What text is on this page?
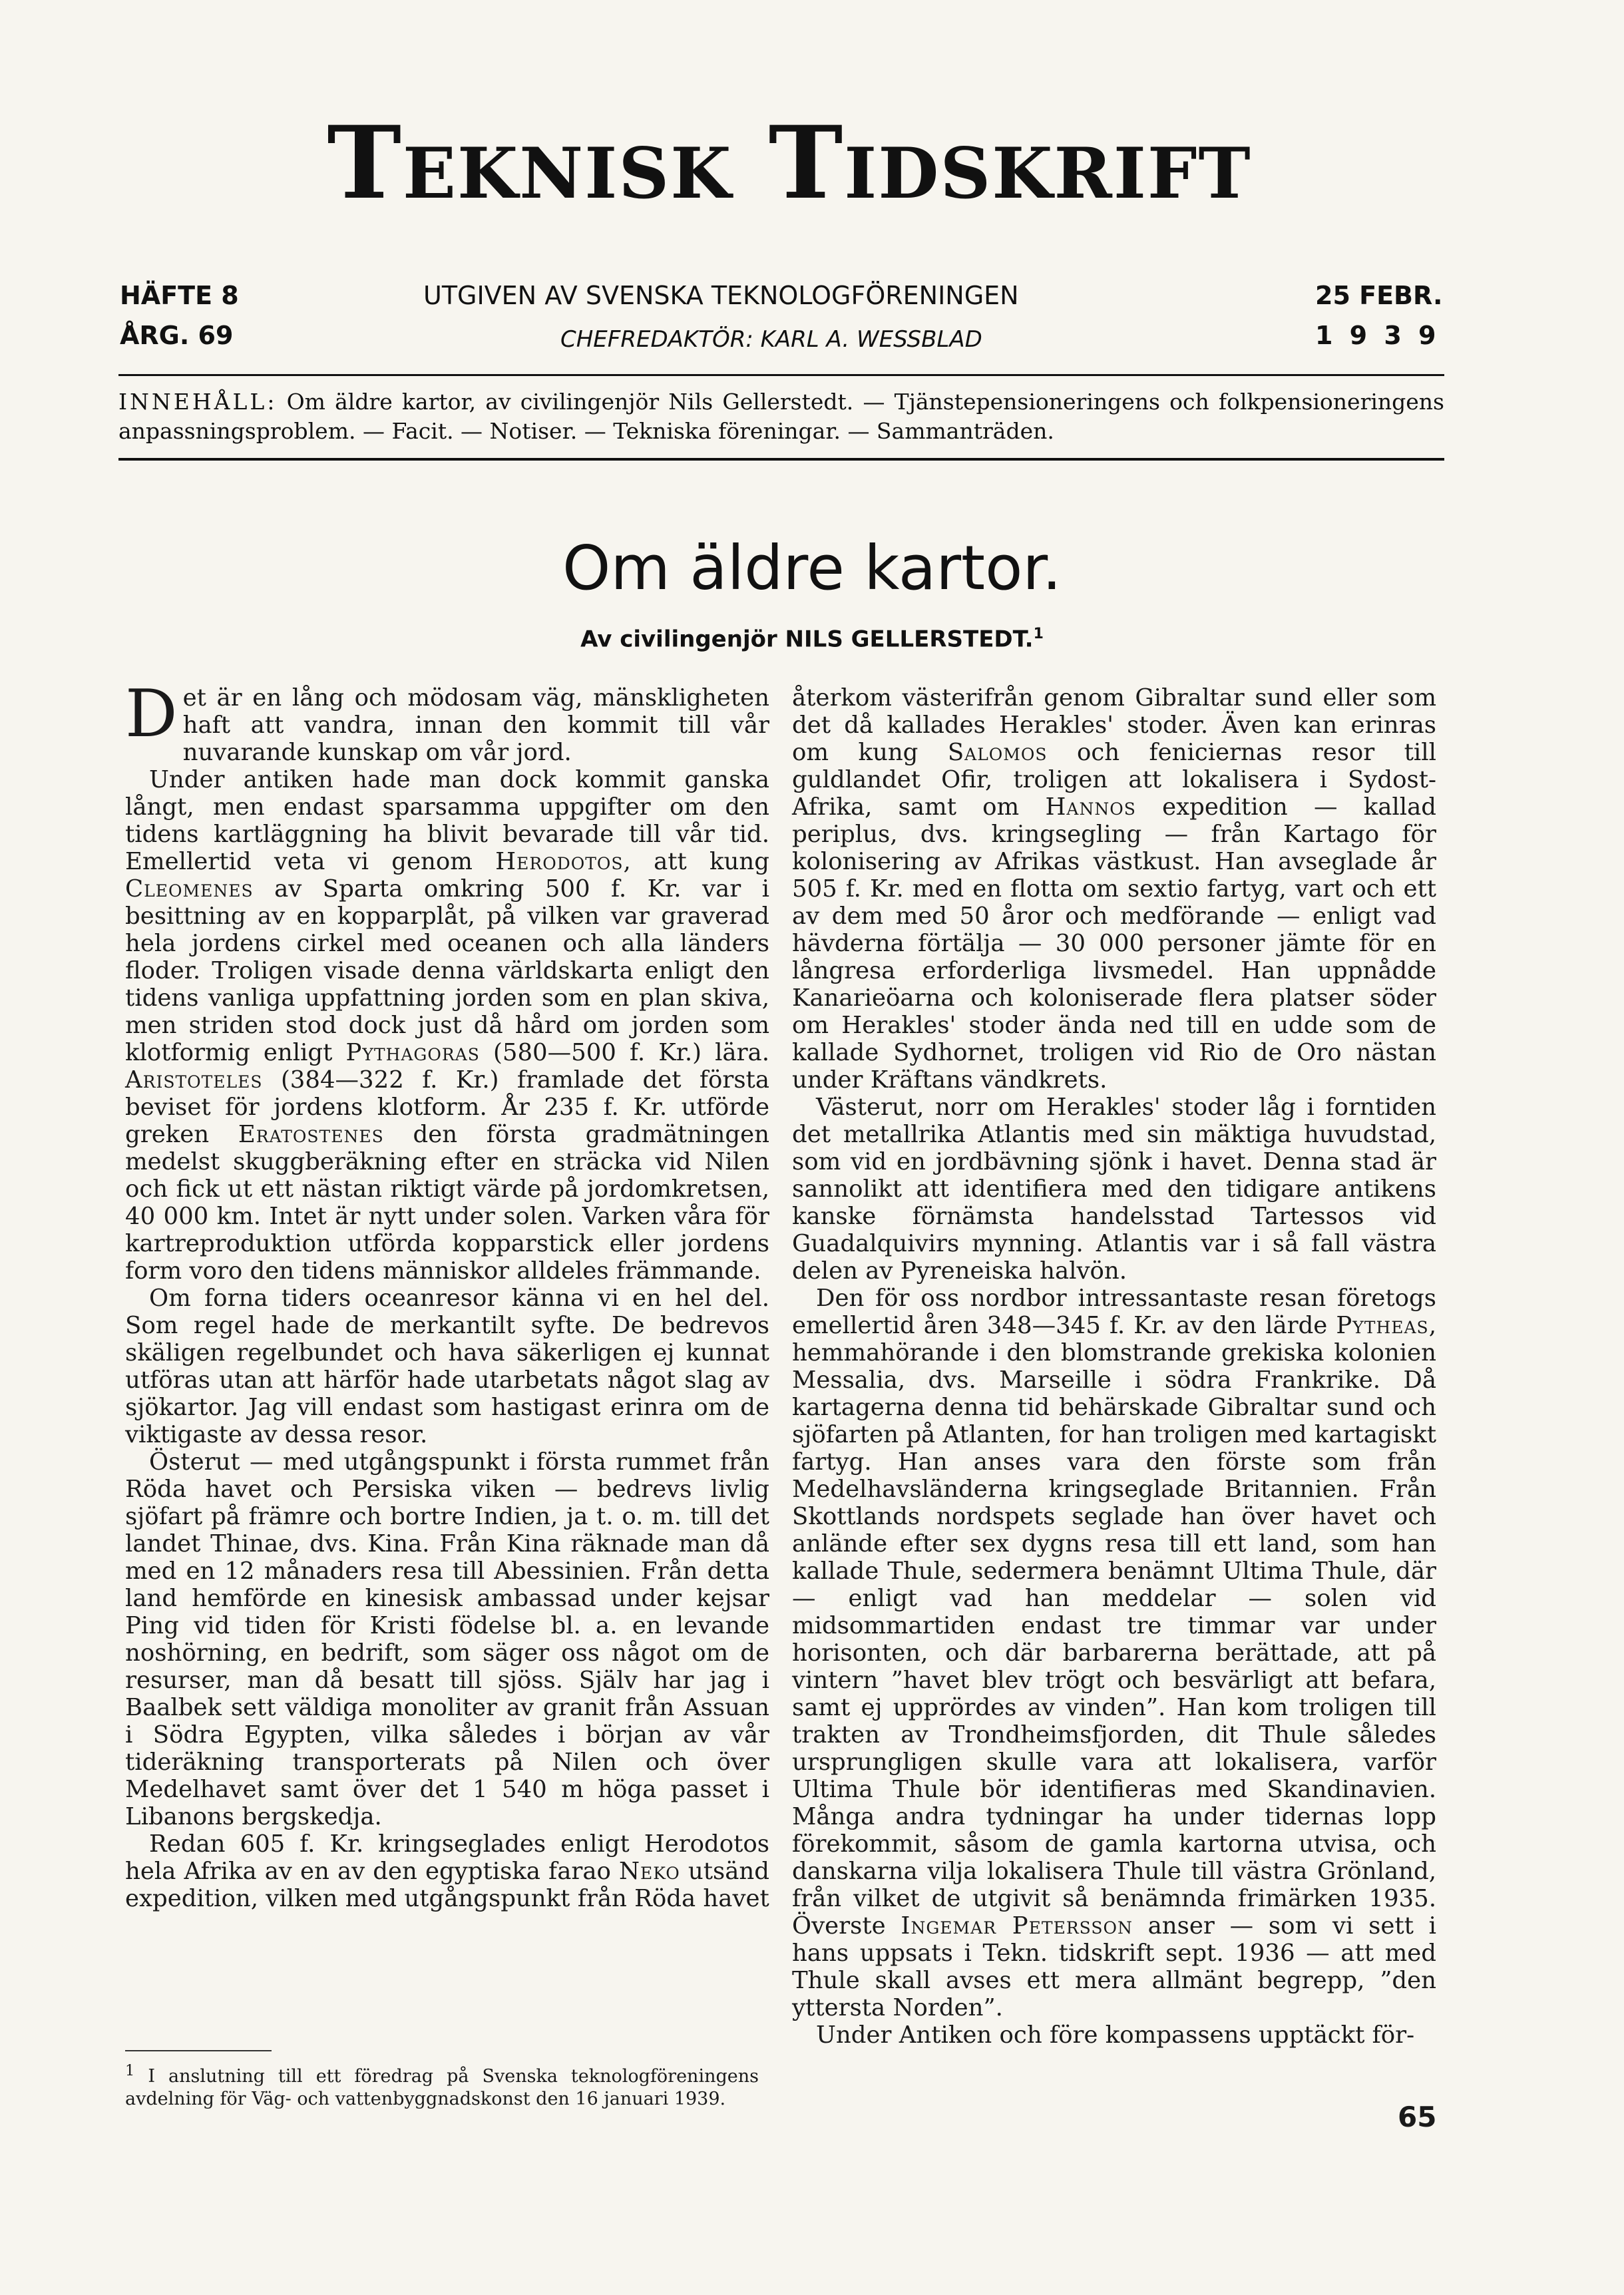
Teknisk Tidskrift
HÄFTE 8
ÅRG. 69
UTGIVEN AV SVENSKA TEKNOLOGFÖRENINGEN
CHEFREDAKTÖR: KARL A. WESSBLAD
25 FEBR.
1 9 3 9
INNEHÅLL: Om äldre kartor, av civilingenjör Nils Gellerstedt. — Tjänstepensioneringens och folkpensioneringens anpassningsproblem. — Facit. — Notiser. — Tekniska föreningar. — Sammanträden.
Om äldre kartor.
Av civilingenjör NILS GELLERSTEDT.$^1$

Det är en lång och mödosam väg, mänskligheten haft att vandra, innan den kommit till vår nuvarande kunskap om vår jord.

Under antiken hade man dock kommit ganska långt, men endast sparsamma uppgifter om den tidens kartläggning ha blivit bevarade till vår tid. Emellertid veta vi genom Herodotos, att kung Cleomenes av Sparta omkring 500 f. Kr. var i besittning av en kopparplåt, på vilken var graverad hela jordens cirkel med oceanen och alla länders floder. Troligen visade denna världskarta enligt den tidens vanliga uppfattning jorden som en plan skiva, men striden stod dock just då hård om jorden som klotformig enligt Pythagoras (580—500 f. Kr.) lära. Aristoteles (384—322 f. Kr.) framlade det första beviset för jordens klotform. År 235 f. Kr. utförde greken Eratostenes den första gradmätningen medelst skuggberäkning efter en sträcka vid Nilen och fick ut ett nästan riktigt värde på jordomkretsen, 40 000 km. Intet är nytt under solen. Varken våra för kartreproduktion utförda kopparstick eller jordens form voro den tidens människor alldeles främmande.

Om forna tiders oceanresor känna vi en hel del. Som regel hade de merkantilt syfte. De bedrevos skäligen regelbundet och hava säkerligen ej kunnat utföras utan att härför hade utarbetats något slag av sjökartor. Jag vill endast som hastigast erinra om de viktigaste av dessa resor.

Österut — med utgångspunkt i första rummet från Röda havet och Persiska viken — bedrevs livlig sjöfart på främre och bortre Indien, ja t. o. m. till det landet Thinae, dvs. Kina. Från Kina räknade man då med en 12 månaders resa till Abessinien. Från detta land hemförde en kinesisk ambassad under kejsar Ping vid tiden för Kristi födelse bl. a. en levande noshörning, en bedrift, som säger oss något om de resurser, man då besatt till sjöss. Själv har jag i Baalbek sett väldiga monoliter av granit från Assuan i Södra Egypten, vilka således i början av vår tideräkning transporterats på Nilen och över Medelhavet samt över det 1 540 m höga passet i Libanons bergskedja.

Redan 605 f. Kr. kringseglades enligt Herodotos hela Afrika av en av den egyptiska farao Neko utsänd expedition, vilken med utgångspunkt från Röda havet

återkom västerifrån genom Gibraltar sund eller som det då kallades Herakles' stoder. Även kan erinras om kung Salomos och feniciernas resor till guldlandet Ofir, troligen att lokalisera i Sydost-Afrika, samt om Hannos expedition — kallad periplus, dvs. kringsegling — från Kartago för kolonisering av Afrikas västkust. Han avseglade år 505 f. Kr. med en flotta om sextio fartyg, vart och ett av dem med 50 åror och medförande — enligt vad hävderna förtälja — 30 000 personer jämte för en långresa erforderliga livsmedel. Han uppnådde Kanarieöarna och koloniserade flera platser söder om Herakles' stoder ända ned till en udde som de kallade Sydhornet, troligen vid Rio de Oro nästan under Kräftans vändkrets.

Västerut, norr om Herakles' stoder låg i forntiden det metallrika Atlantis med sin mäktiga huvudstad, som vid en jordbävning sjönk i havet. Denna stad är sannolikt att identifiera med den tidigare antikens kanske förnämsta handelsstad Tartessos vid Guadalquivirs mynning. Atlantis var i så fall västra delen av Pyreneiska halvön.

Den för oss nordbor intressantaste resan företogs emellertid åren 348—345 f. Kr. av den lärde Pytheas, hemmahörande i den blomstrande grekiska kolonien Messalia, dvs. Marseille i södra Frankrike. Då kartagerna denna tid behärskade Gibraltar sund och sjöfarten på Atlanten, for han troligen med kartagiskt fartyg. Han anses vara den förste som från Medelhavsländerna kringseglade Britannien. Från Skottlands nordspets seglade han över havet och anlände efter sex dygns resa till ett land, som han kallade Thule, sedermera benämnt Ultima Thule, där — enligt vad han meddelar — solen vid midsommartiden endast tre timmar var under horisonten, och där barbarerna berättade, att på vintern ”havet blev trögt och besvärligt att befara, samt ej upprördes av vinden”. Han kom troligen till trakten av Trondheimsfjorden, dit Thule således ursprungligen skulle vara att lokalisera, varför Ultima Thule bör identifieras med Skandinavien. Många andra tydningar ha under tidernas lopp förekommit, såsom de gamla kartorna utvisa, och danskarna vilja lokalisera Thule till västra Grönland, från vilket de utgivit så benämnda frimärken 1935. Överste Ingemar Petersson anser — som vi sett i hans uppsats i Tekn. tidskrift sept. 1936 — att med Thule skall avses ett mera allmänt begrepp, ”den yttersta Norden”.

Under Antiken och före kompassens upptäckt för-

$^1$ I anslutning till ett föredrag på Svenska teknologföreningens avdelning för Väg- och vattenbyggnadskonst den 16 januari 1939.
65
